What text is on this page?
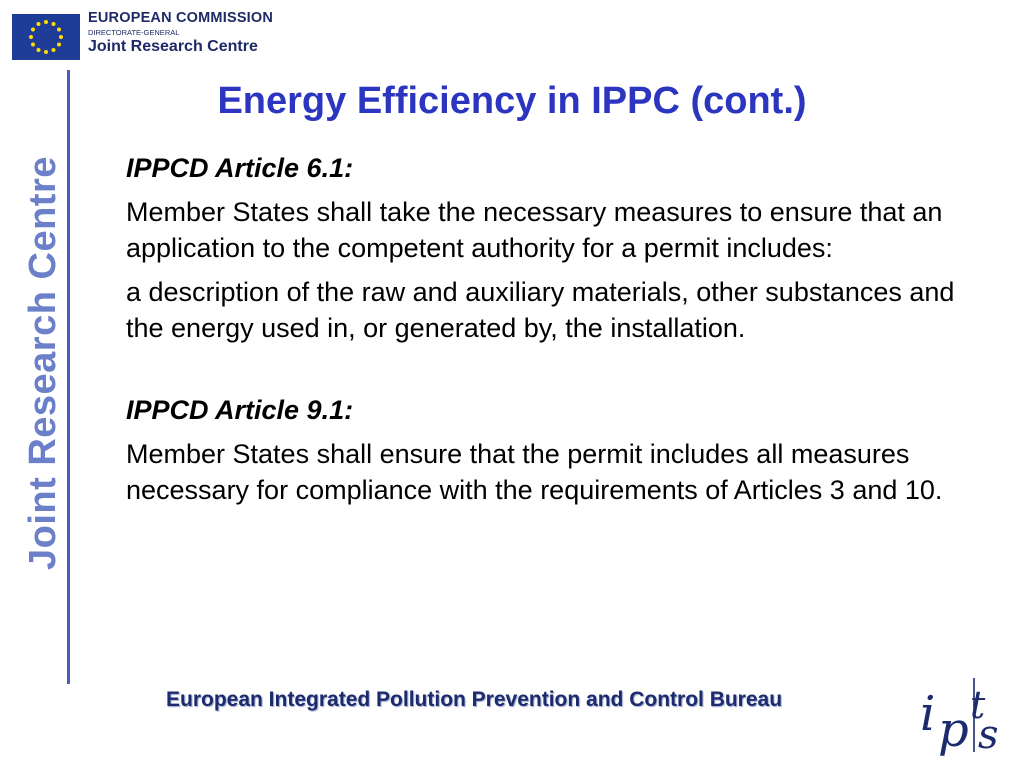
EUROPEAN COMMISSION
DIRECTORATE-GENERAL
Joint Research Centre
Joint Research Centre
Energy Efficiency in IPPC (cont.)
IPPCD Article 6.1:
Member States shall take the necessary measures to ensure that an application to the competent authority for a permit includes:
a description of the raw and auxiliary materials, other substances and the energy used in, or generated by, the installation.
IPPCD Article 9.1:
Member States shall ensure that the permit includes all measures necessary for compliance with the requirements of Articles 3 and 10.
European Integrated Pollution Prevention and Control Bureau	i p t
s
